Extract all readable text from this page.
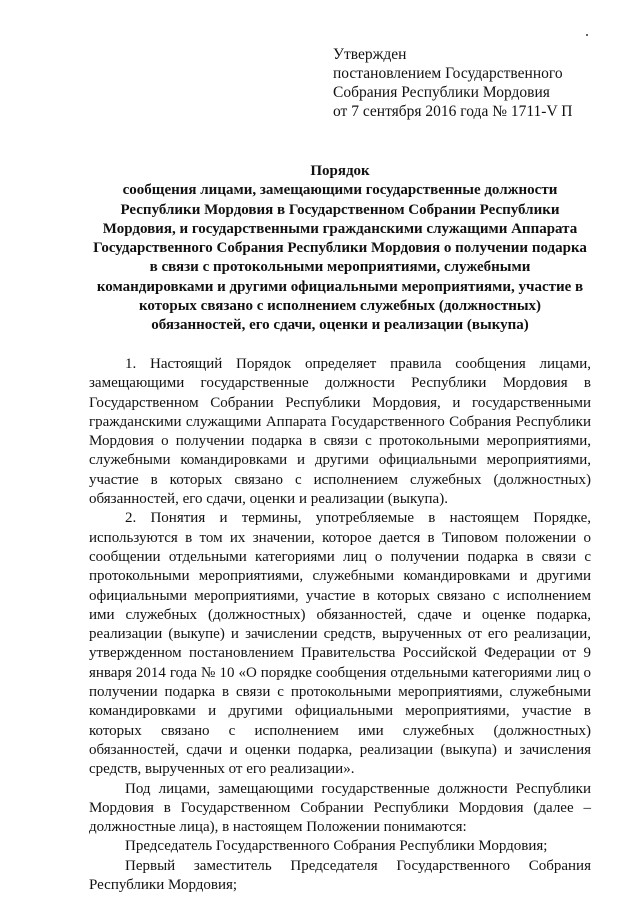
Утвержден
постановлением Государственного
Собрания Республики Мордовия
от 7 сентября 2016 года № 1711-V П
Порядок
сообщения лицами, замещающими государственные должности
Республики Мордовия в Государственном Собрании Республики
Мордовия, и государственными гражданскими служащими Аппарата
Государственного Собрания Республики Мордовия о получении подарка
в связи с протокольными мероприятиями, служебными
командировками и другими официальными мероприятиями, участие в
которых связано с исполнением служебных (должностных)
обязанностей, его сдачи, оценки и реализации (выкупа)

1. Настоящий Порядок определяет правила сообщения лицами, замещающими государственные должности Республики Мордовия в Государственном Собрании Республики Мордовия, и государственными гражданскими служащими Аппарата Государственного Собрания Республики Мордовия о получении подарка в связи с протокольными мероприятиями, служебными командировками и другими официальными мероприятиями, участие в которых связано с исполнением служебных (должностных) обязанностей, его сдачи, оценки и реализации (выкупа).

2. Понятия и термины, употребляемые в настоящем Порядке, используются в том их значении, которое дается в Типовом положении о сообщении отдельными категориями лиц о получении подарка в связи с протокольными мероприятиями, служебными командировками и другими официальными мероприятиями, участие в которых связано с исполнением ими служебных (должностных) обязанностей, сдаче и оценке подарка, реализации (выкупе) и зачислении средств, вырученных от его реализации, утвержденном постановлением Правительства Российской Федерации от 9 января 2014 года № 10 «О порядке сообщения отдельными категориями лиц о получении подарка в связи с протокольными мероприятиями, служебными командировками и другими официальными мероприятиями, участие в которых связано с исполнением ими служебных (должностных) обязанностей, сдачи и оценки подарка, реализации (выкупа) и зачисления средств, вырученных от его реализации».

Под лицами, замещающими государственные должности Республики Мордовия в Государственном Собрании Республики Мордовия (далее – должностные лица), в настоящем Положении понимаются:

Председатель Государственного Собрания Республики Мордовия;

Первый заместитель Председателя Государственного Собрания Республики Мордовия;
